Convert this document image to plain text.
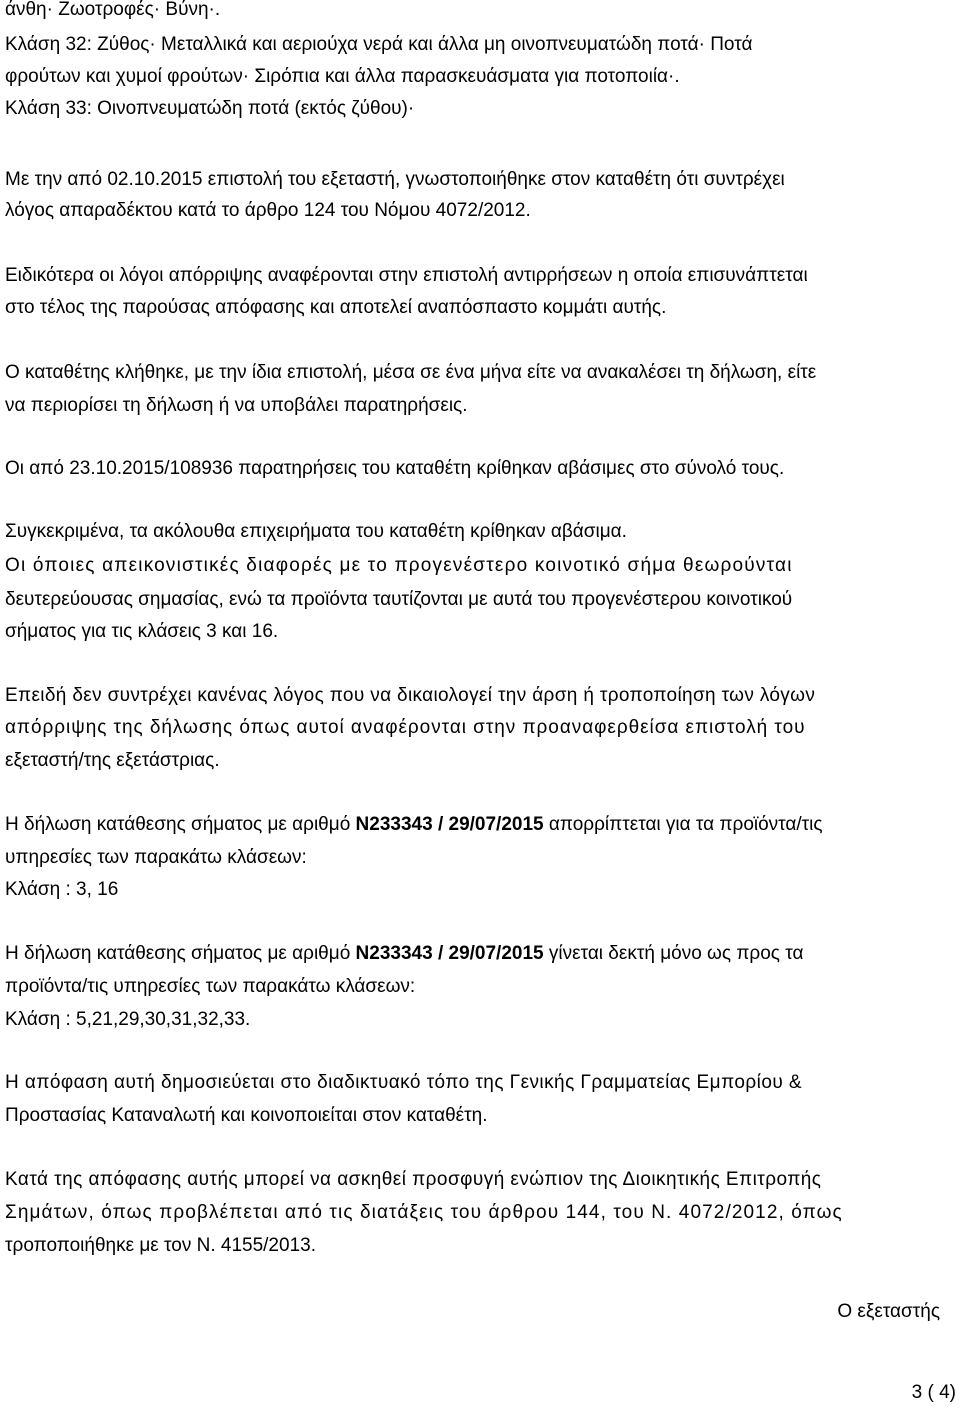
άνθη· Ζωοτροφές· Βύνη·.
Κλάση 32: Ζύθος· Μεταλλικά και αεριούχα νερά και άλλα μη οινοπνευματώδη ποτά· Ποτά
φρούτων και χυμοί φρούτων· Σιρόπια και άλλα παρασκευάσματα για ποτοποιία·.
Κλάση 33: Οινοπνευματώδη ποτά (εκτός ζύθου)·
Με την από 02.10.2015 επιστολή του εξεταστή, γνωστοποιήθηκε στον καταθέτη ότι συντρέχει
λόγος απαραδέκτου κατά το άρθρο 124 του Νόμου 4072/2012.
Ειδικότερα οι λόγοι απόρριψης αναφέρονται στην επιστολή αντιρρήσεων η οποία επισυνάπτεται
στο τέλος της παρούσας απόφασης και αποτελεί αναπόσπαστο κομμάτι αυτής.
Ο καταθέτης κλήθηκε, με την ίδια επιστολή, μέσα σε ένα μήνα είτε να ανακαλέσει τη δήλωση, είτε
να περιορίσει τη δήλωση ή να υποβάλει παρατηρήσεις.
Οι από 23.10.2015/108936 παρατηρήσεις του καταθέτη κρίθηκαν αβάσιμες στο σύνολό τους.
Συγκεκριμένα, τα ακόλουθα επιχειρήματα του καταθέτη κρίθηκαν αβάσιμα.
Οι όποιες απεικονιστικές διαφορές με το προγενέστερο κοινοτικό σήμα θεωρούνται
δευτερεύουσας σημασίας, ενώ τα προϊόντα ταυτίζονται με αυτά του προγενέστερου κοινοτικού
σήματος για τις κλάσεις 3 και 16.
Επειδή δεν συντρέχει κανένας λόγος που να δικαιολογεί την άρση ή τροποποίηση των λόγων
απόρριψης της δήλωσης όπως αυτοί αναφέρονται στην προαναφερθείσα επιστολή του
εξεταστή/της εξετάστριας.
Η δήλωση κατάθεσης σήματος με αριθμό Ν233343 / 29/07/2015 απορρίπτεται για τα προϊόντα/τις
υπηρεσίες των παρακάτω κλάσεων:
Κλάση : 3, 16
Η δήλωση κατάθεσης σήματος με αριθμό Ν233343 / 29/07/2015 γίνεται δεκτή μόνο ως προς τα
προϊόντα/τις υπηρεσίες των παρακάτω κλάσεων:
Κλάση : 5,21,29,30,31,32,33.
Η απόφαση αυτή δημοσιεύεται στο διαδικτυακό τόπο της Γενικής Γραμματείας Εμπορίου &
Προστασίας Καταναλωτή και κοινοποιείται στον καταθέτη.
Κατά της απόφασης αυτής μπορεί να ασκηθεί προσφυγή ενώπιον της Διοικητικής Επιτροπής
Σημάτων, όπως προβλέπεται από τις διατάξεις του άρθρου 144, του Ν. 4072/2012, όπως
τροποποιήθηκε με τον Ν. 4155/2013.
Ο εξεταστής
3 ( 4)
